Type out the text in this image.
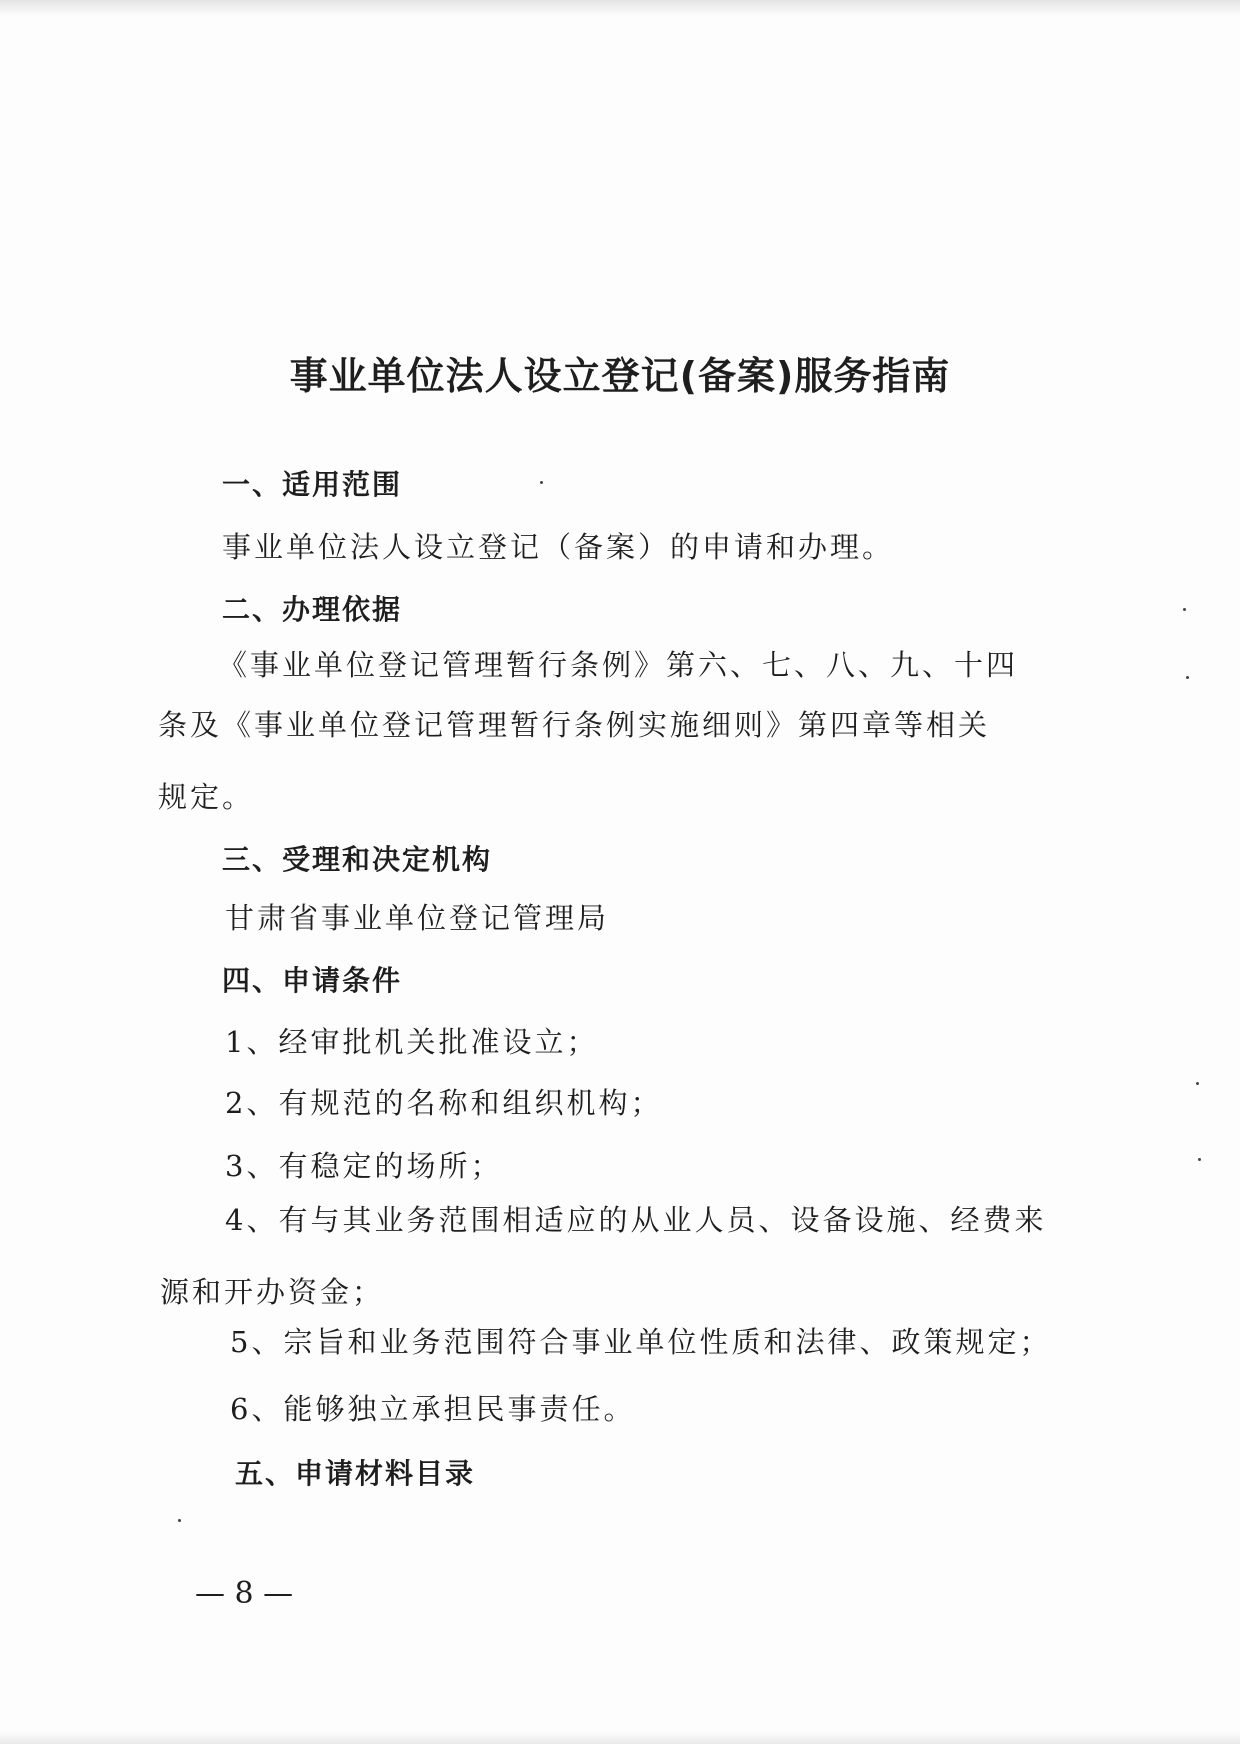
事业单位法人设立登记(备案)服务指南
一、适用范围
事业单位法人设立登记（备案）的申请和办理。
二、办理依据
《事业单位登记管理暂行条例》第六、七、八、九、十四
条及《事业单位登记管理暂行条例实施细则》第四章等相关
规定。
三、受理和决定机构
甘肃省事业单位登记管理局
四、申请条件
1、经审批机关批准设立；
2、有规范的名称和组织机构；
3、有稳定的场所；
4、有与其业务范围相适应的从业人员、设备设施、经费来
源和开办资金；
5、宗旨和业务范围符合事业单位性质和法律、政策规定；
6、能够独立承担民事责任。
五、申请材料目录
— 8 —
